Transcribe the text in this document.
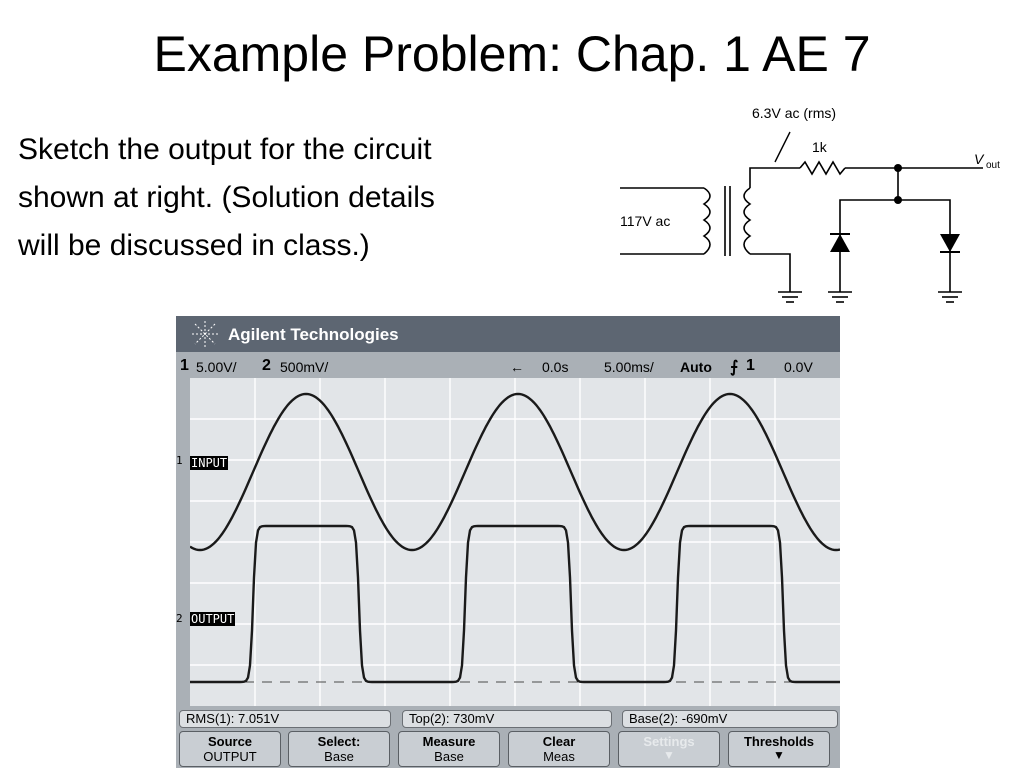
Example Problem: Chap. 1 AE 7
Sketch the output for the circuit
shown at right. (Solution details
will be discussed in class.)
6.3V ac (rms)
1k
117V ac
V out
Agilent Technologies
1 5.00V/ 2 500mV/	← 0.0s	5.00ms/ Auto ⨍ 1 0.0V
1 INPUT
2 OUTPUT
RMS(1): 7.051V	Top(2): 730mV	Base(2): -690mV
Source
OUTPUT
Select:
Base
Measure
Base
Clear
Meas
Settings
▼
Thresholds
▼
